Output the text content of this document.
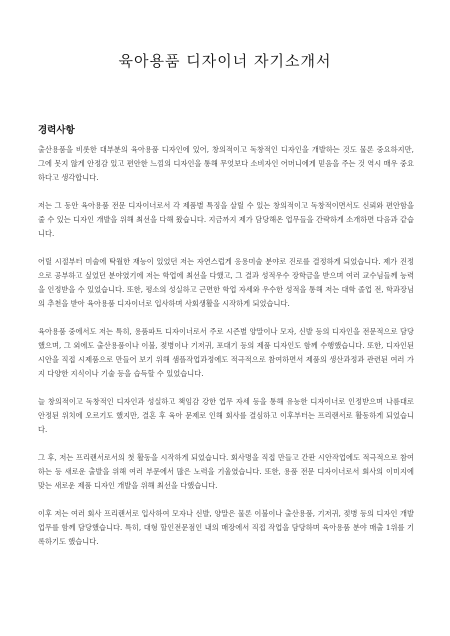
육아용품 디자이너 자기소개서
경력사항

출산용품을 비롯한 대부분의 육아용품 디자인에 있어, 창의적이고 독창적인 디자인을 개발하는 것도 물론 중요하지만, 그에 못지 않게 안정감 있고 편안한 느낌의 디자인을 통해 무엇보다 소비자인 어머니에게 믿음을 주는 것 역시 매우 중요하다고 생각합니다.

저는 그 동안 육아용품 전문 디자이너로서 각 제품별 특징을 살릴 수 있는 창의적이고 독창적이면서도 신뢰와 편안함을 줄 수 있는 디자인 개발을 위해 최선을 다해 왔습니다. 지금까지 제가 담당해온 업무들을 간략하게 소개하면 다음과 같습니다.

어릴 시절부터 미술에 탁월한 재능이 있었던 저는 자연스럽게 응용미술 분야로 진로를 결정하게 되었습니다. 제가 진정으로 공부하고 싶었던 분야였기에 저는 학업에 최선을 다했고, 그 결과 성적우수 장학금을 받으며 여러 교수님들께 능력을 인정받을 수 있었습니다. 또한, 평소의 성실하고 근면한 학업 자세와 우수한 성적을 통해 저는 대학 졸업 전, 학과장님의 추천을 받아 육아용품 디자이너로 입사하며 사회생활을 시작하게 되었습니다.

육아용품 중에서도 저는 특히, 용품파트 디자이너로서 주로 시즌별 양말이나 모자, 신발 등의 디자인을 전문적으로 담당했으며, 그 외에도 출산용품이나 이불, 젖병이나 기저귀, 포대기 등의 제품 디자인도 함께 수행했습니다. 또한, 디자인된 시안을 직접 시제품으로 만들어 보기 위해 샘플작업과정에도 적극적으로 참여하면서 제품의 생산과정과 관련된 여러 가지 다양한 지식이나 기술 등을 습득할 수 있었습니다.

늘 창의적이고 독창적인 디자인과 성실하고 책임감 강한 업무 자세 등을 통해 유능한 디자이너로 인정받으며 나름대로 안정된 위치에 오르기도 했지만, 결혼 후 육아 문제로 인해 회사를 결심하고 이후부터는 프리랜서로 활동하게 되었습니다.

그 후, 저는 프리랜서로서의 첫 활동을 시작하게 되었습니다. 회사명을 직접 만들고 간판 시안작업에도 적극적으로 참여하는 등 새로운 출발을 위해 여러 부문에서 많은 노력을 기울였습니다. 또한, 용품 전문 디자이너로서 회사의 이미지에 맞는 새로운 제품 디자인 개발을 위해 최선을 다했습니다.

이후 저는 여러 회사 프리랜서로 입사하여 모자나 신발, 양말은 물론 이불이나 출산용품, 기저귀, 젖병 등의 디자인 개발 업무를 함께 담당했습니다. 특히, 대형 할인전문점인 내의 매장에서 직접 작업을 담당하며 육아용품 분야 매출 1위를 기록하기도 했습니다.
